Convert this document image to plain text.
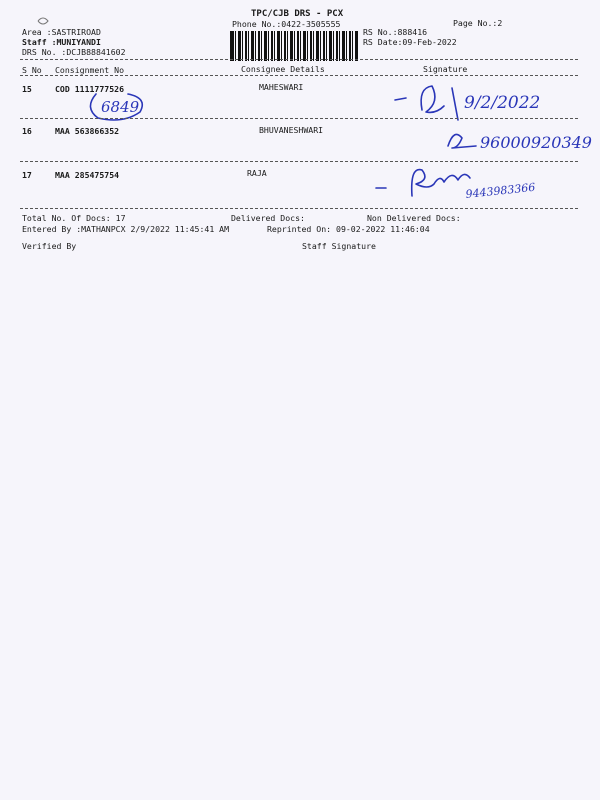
TPC/CJB DRS - PCX
Phone No.:0422-3505555
Area :SASTRIROAD
Staff :MUNIYANDI
DRS No. :DCJB88841602
RS No.:888416
RS Date:09-Feb-2022
Page No.:2
S No Consignment No	Consignee Details	Signature
15	COD 1111777526	MAHESWARI
6849	9/2/2022
16	MAA 563866352	BHUVANESHWARI
96000920349
17	MAA 285475754	RAJA
9443983366
Total No. Of Docs: 17	Delivered Docs:	Non Delivered Docs:
Entered By :MATHANPCX 2/9/2022 11:45:41 AM	Reprinted On: 09-02-2022 11:46:04
Verified By	Staff Signature
